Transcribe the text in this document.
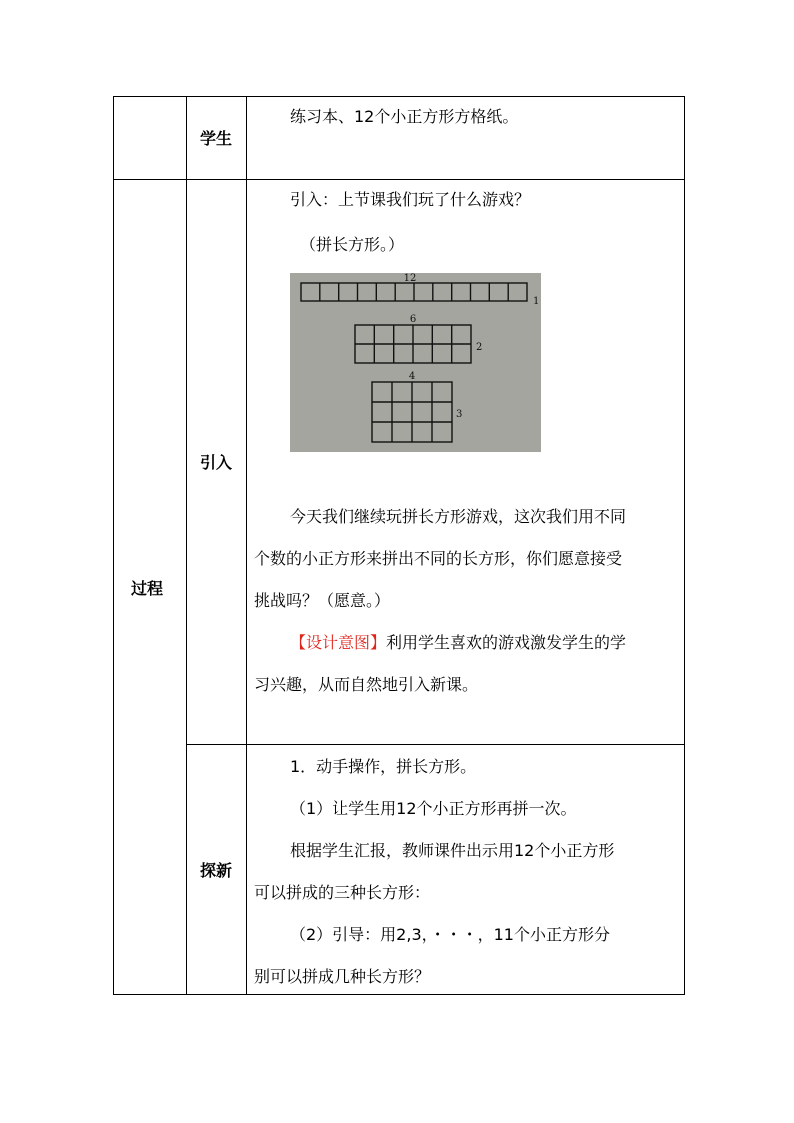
学生
练习本、12个小正方形方格纸。
过程
引入
引入：上节课我们玩了什么游戏？
（拼长方形。）
12
1
6
2
4
3
今天我们继续玩拼长方形游戏，这次我们用不同
个数的小正方形来拼出不同的长方形，你们愿意接受
挑战吗？（愿意。）
【设计意图】利用学生喜欢的游戏激发学生的学
习兴趣，从而自然地引入新课。
探新
1．动手操作，拼长方形。
（1）让学生用12个小正方形再拼一次。
根据学生汇报，教师课件出示用12个小正方形
可以拼成的三种长方形：
（2）引导：用2,3，・・・，11个小正方形分
别可以拼成几种长方形？
